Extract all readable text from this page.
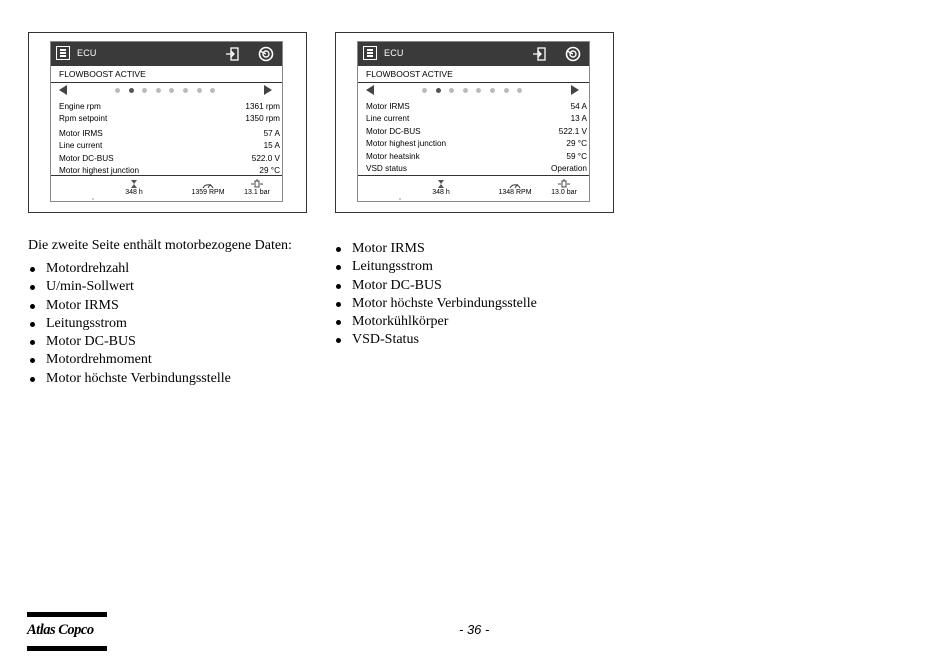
ECU
FLOWBOOST ACTIVE
Engine rpm	1361 rpm
Rpm setpoint	1350 rpm
Motor IRMS	57 A
Line current	15 A
Motor DC-BUS	522.0 V
Motor highest junction	29 °C
348 h	1359 RPM	13.1 bar
ECU
FLOWBOOST ACTIVE
Motor IRMS	54 A
Line current	13 A
Motor DC-BUS	522.1 V
Motor highest junction	29 °C
Motor heatsink	59 °C
VSD status	Operation
348 h	1348 RPM	13.0 bar

Die zweite Seite enthält motorbezogene Daten:

Motordrehzahl
U/min-Sollwert
Motor IRMS
Leitungsstrom
Motor DC-BUS
Motordrehmoment
Motor höchste Verbindungsstelle
Motor IRMS
Leitungsstrom
Motor DC-BUS
Motor höchste Verbindungsstelle
Motorkühlkörper
VSD-Status
Atlas Copco	- 36 -
